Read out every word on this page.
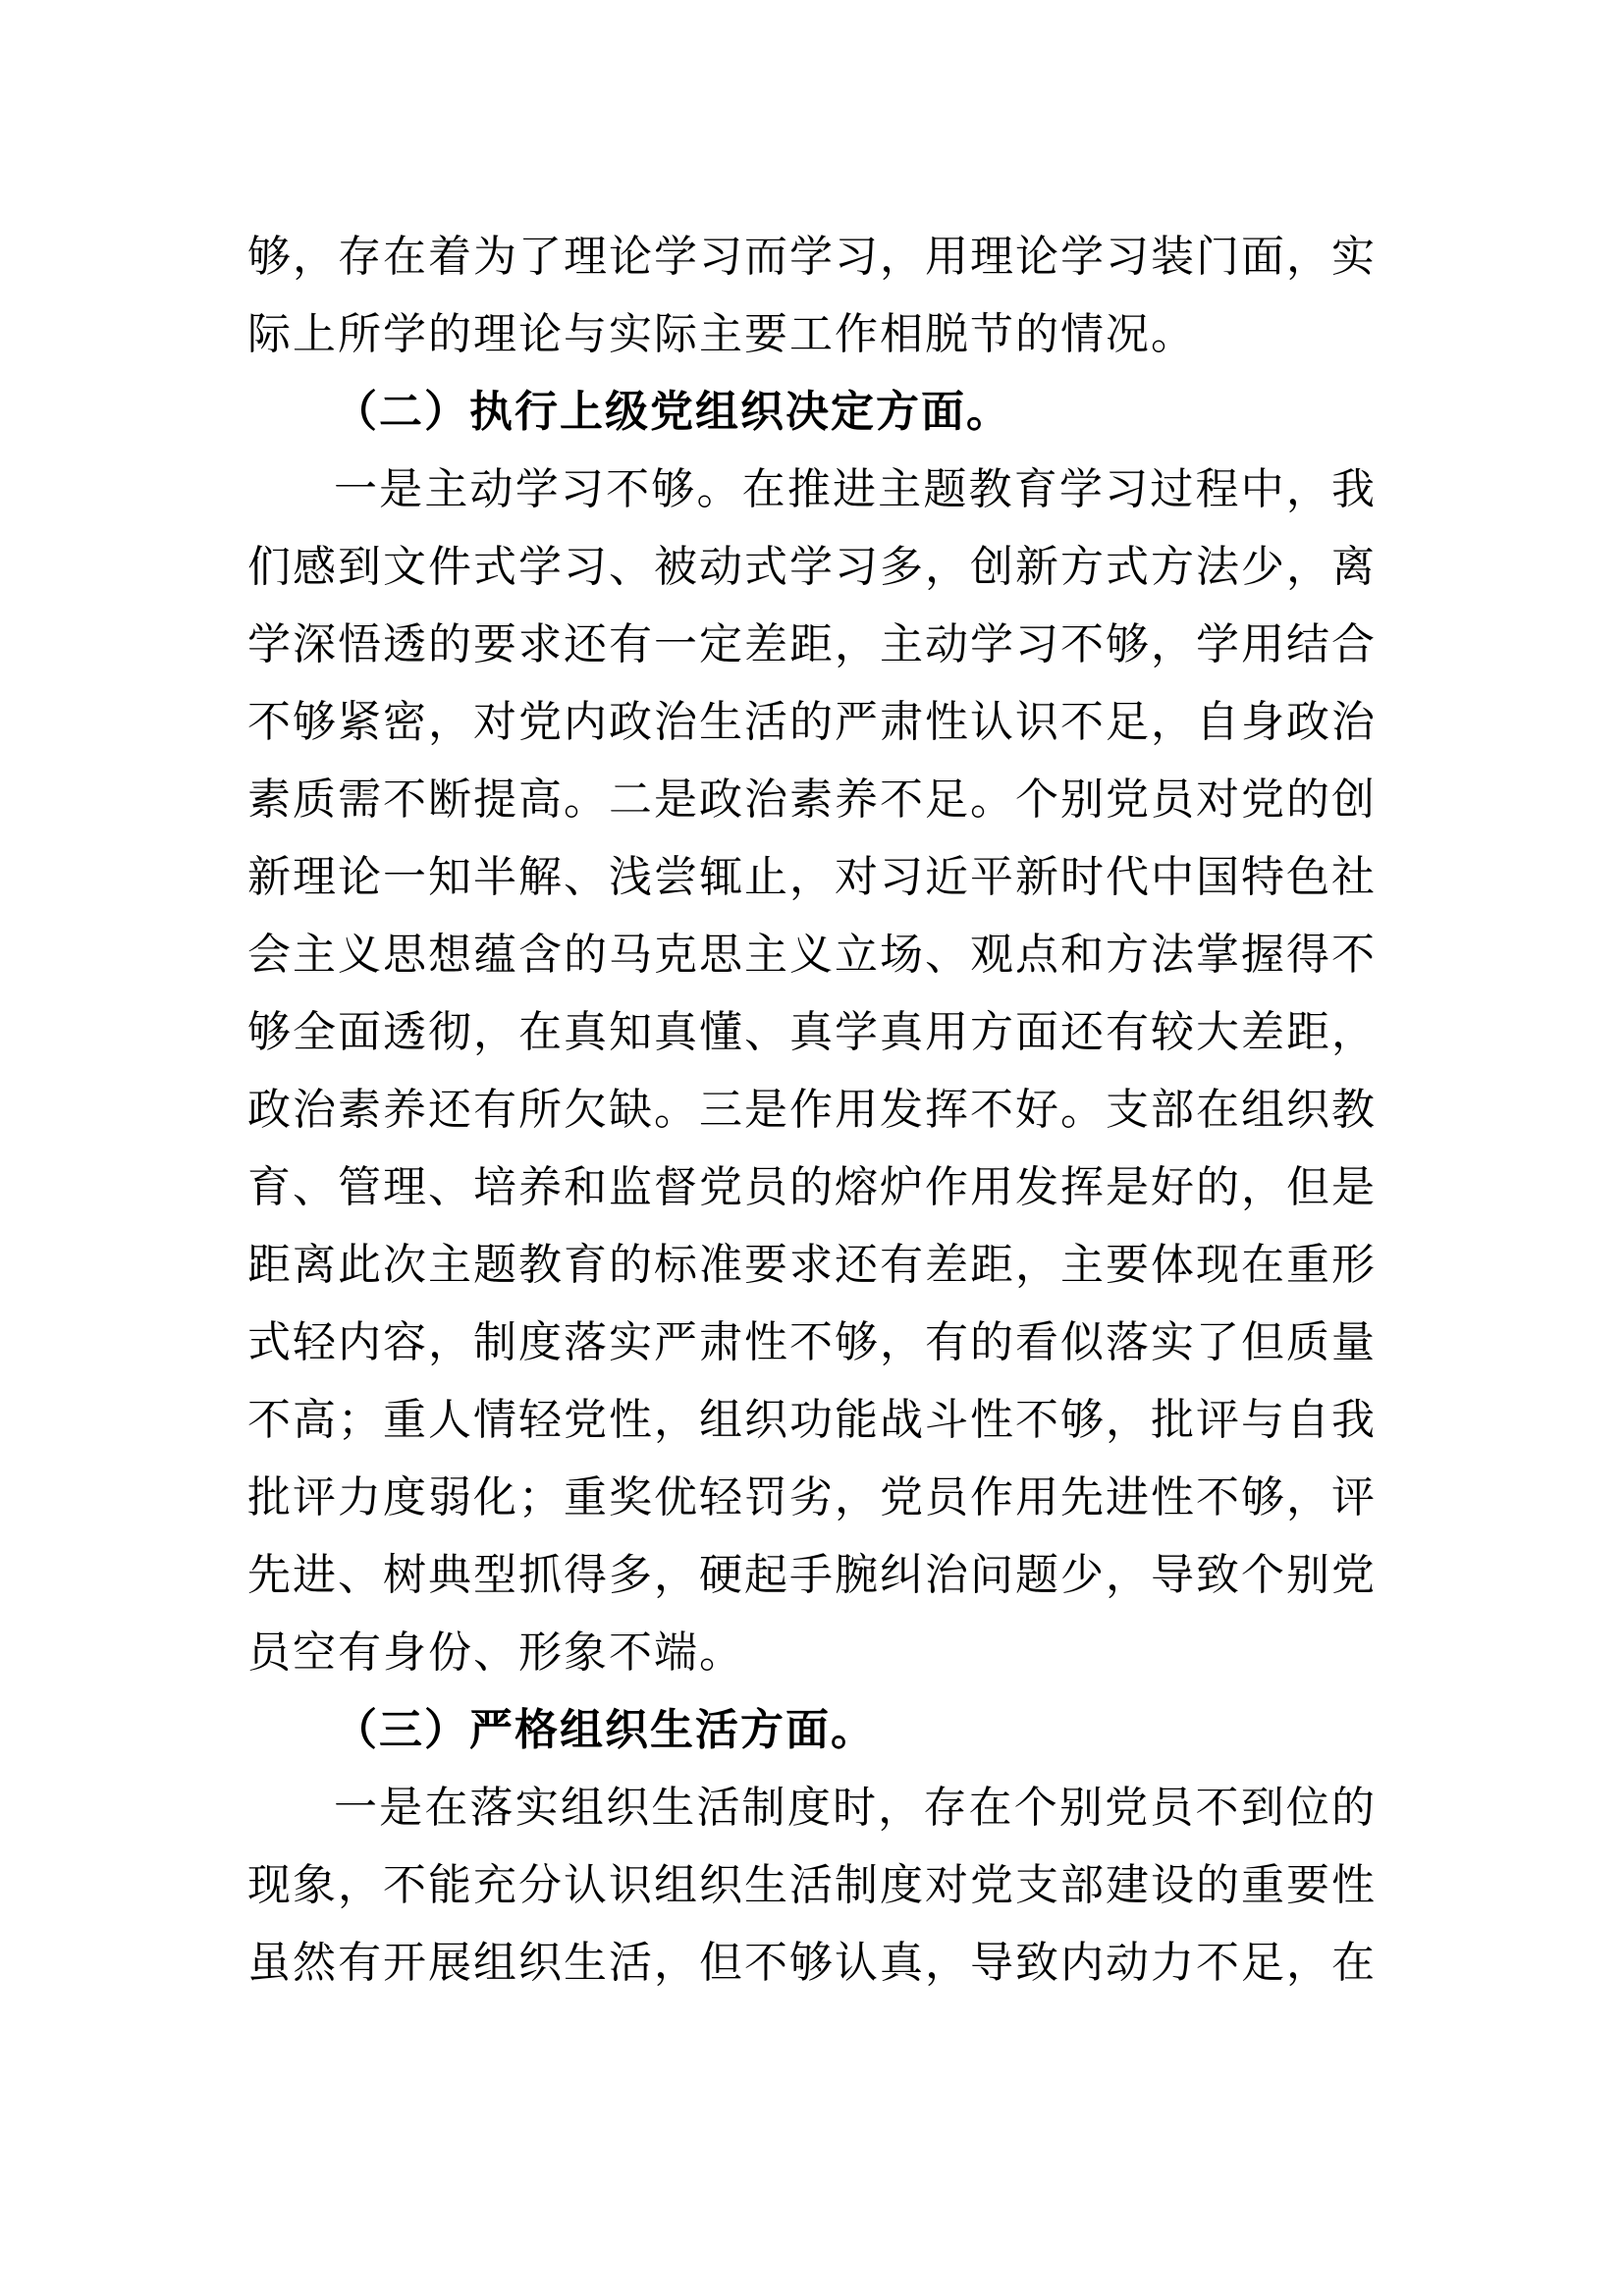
够，存在着为了理论学习而学习，用理论学习装门面，实
际上所学的理论与实际主要工作相脱节的情况。
（二）执行上级党组织决定方面。
一是主动学习不够。在推进主题教育学习过程中，我
们感到文件式学习、被动式学习多，创新方式方法少，离
学深悟透的要求还有一定差距，主动学习不够，学用结合
不够紧密，对党内政治生活的严肃性认识不足，自身政治
素质需不断提高。二是政治素养不足。个别党员对党的创
新理论一知半解、浅尝辄止，对习近平新时代中国特色社
会主义思想蕴含的马克思主义立场、观点和方法掌握得不
够全面透彻，在真知真懂、真学真用方面还有较大差距，
政治素养还有所欠缺。三是作用发挥不好。支部在组织教
育、管理、培养和监督党员的熔炉作用发挥是好的，但是
距离此次主题教育的标准要求还有差距，主要体现在重形
式轻内容，制度落实严肃性不够，有的看似落实了但质量
不高；重人情轻党性，组织功能战斗性不够，批评与自我
批评力度弱化；重奖优轻罚劣，党员作用先进性不够，评
先进、树典型抓得多，硬起手腕纠治问题少，导致个别党
员空有身份、形象不端。
（三）严格组织生活方面。
一是在落实组织生活制度时，存在个别党员不到位的
现象，不能充分认识组织生活制度对党支部建设的重要性
虽然有开展组织生活，但不够认真，导致内动力不足，在
